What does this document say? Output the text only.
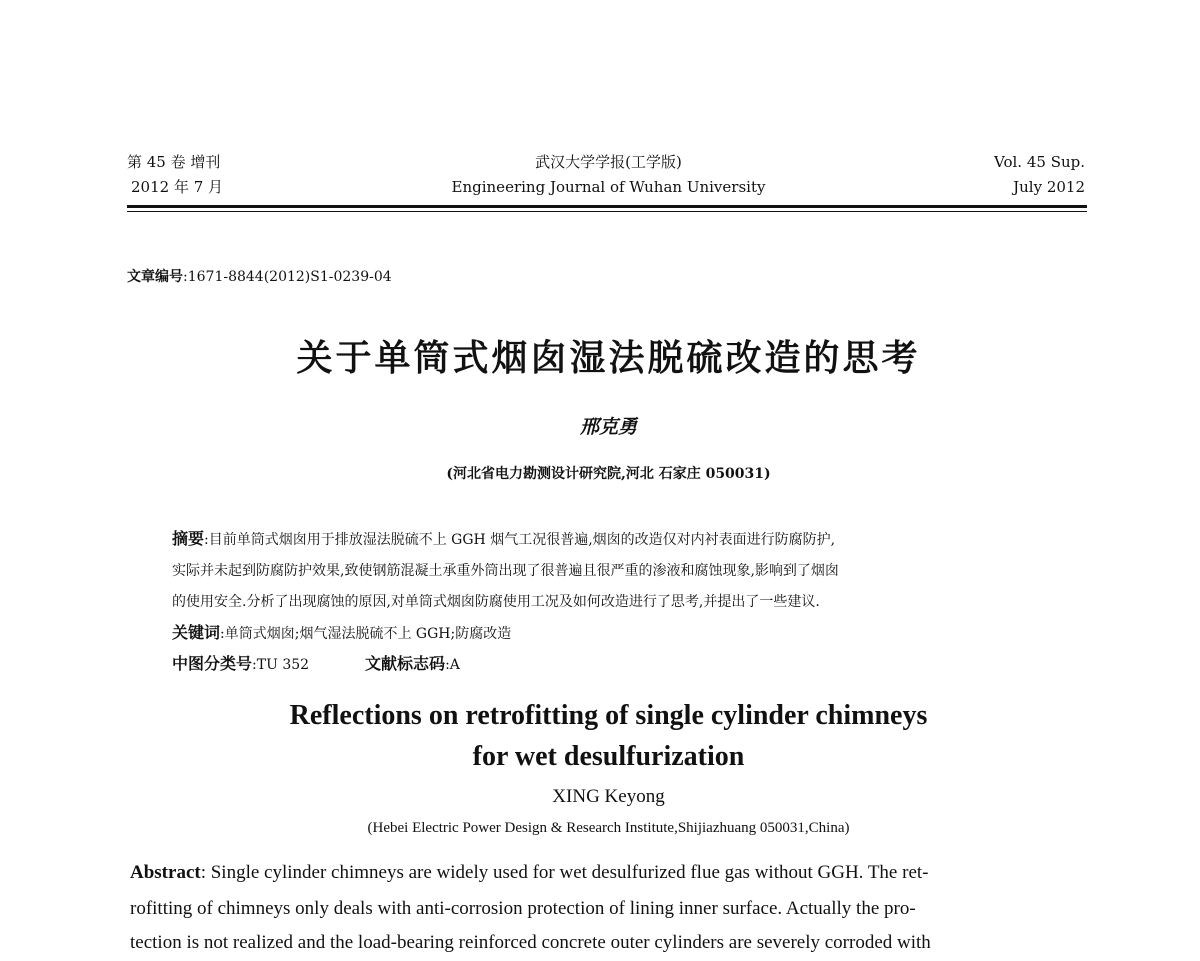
第 45 卷 增刊
2012 年 7 月
武汉大学学报(工学版)
Engineering Journal of Wuhan University
Vol. 45 Sup.
July 2012
文章编号:1671-8844(2012)S1-0239-04
关于单筒式烟囱湿法脱硫改造的思考
邢克勇
(河北省电力勘测设计研究院,河北 石家庄 050031)
摘要:目前单筒式烟囱用于排放湿法脱硫不上 GGH 烟气工况很普遍,烟囱的改造仅对内衬表面进行防腐防护,
实际并未起到防腐防护效果,致使钢筋混凝土承重外筒出现了很普遍且很严重的渗液和腐蚀现象,影响到了烟囱
的使用安全.分析了出现腐蚀的原因,对单筒式烟囱防腐使用工况及如何改造进行了思考,并提出了一些建议.
关键词:单筒式烟囱;烟气湿法脱硫不上 GGH;防腐改造
中图分类号:TU 352	文献标志码:A
Reflections on retrofitting of single cylinder chimneys
for wet desulfurization
XING Keyong
(Hebei Electric Power Design & Research Institute,Shijiazhuang 050031,China)
Abstract: Single cylinder chimneys are widely used for wet desulfurized flue gas without GGH. The ret-
rofitting of chimneys only deals with anti-corrosion protection of lining inner surface. Actually the pro-
tection is not realized and the load-bearing reinforced concrete outer cylinders are severely corroded with
